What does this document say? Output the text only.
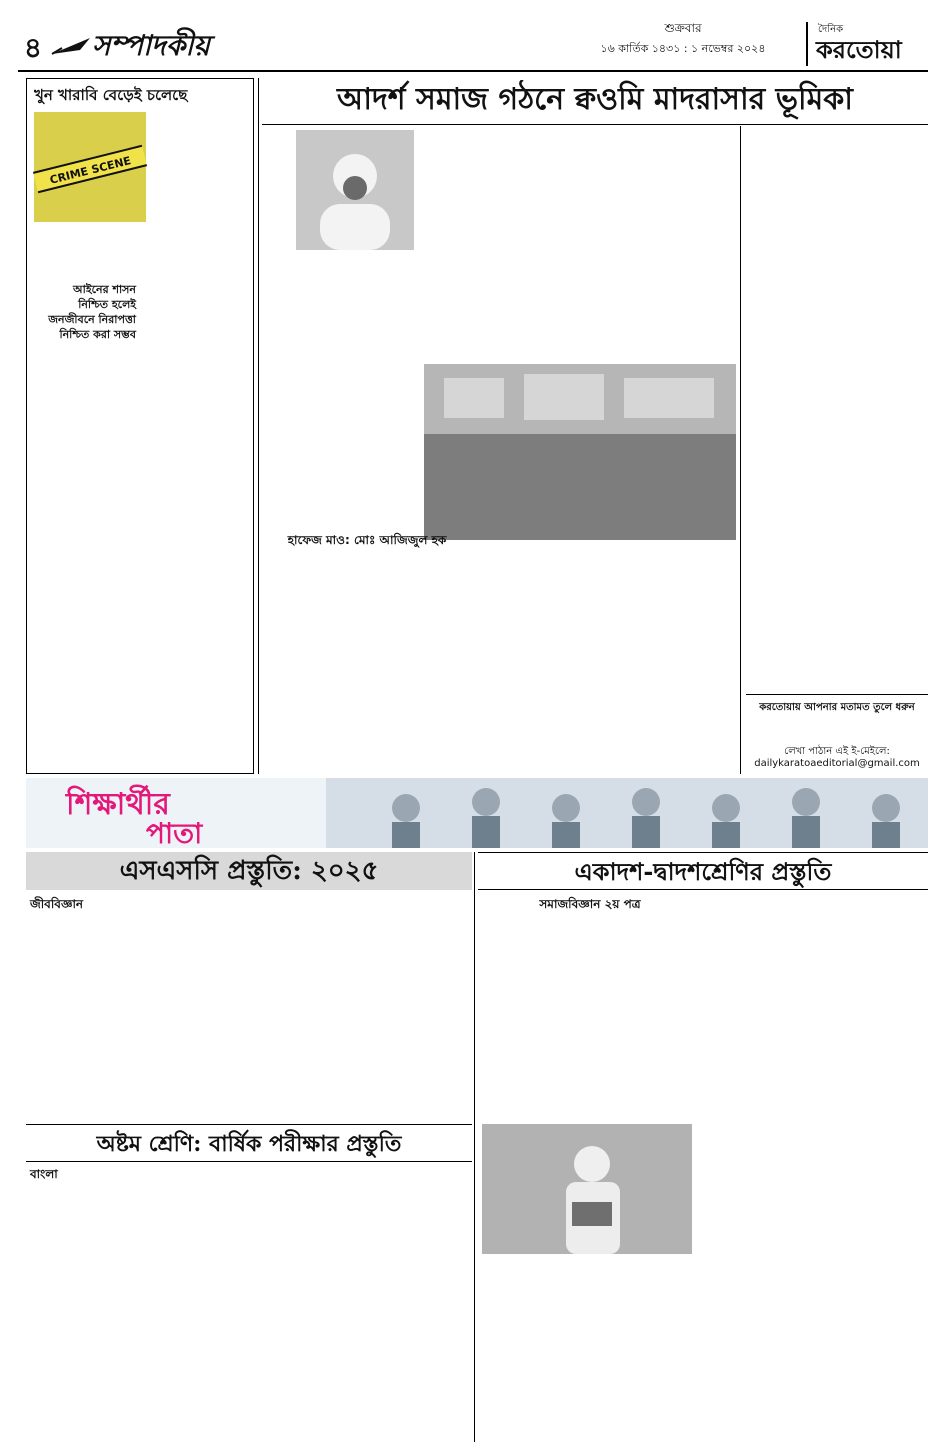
৪ সম্পাদকীয়
শুক্রবার
১৬ কার্তিক ১৪৩১ : ১ নভেম্বর ২০২৪
দৈনিক
করতোয়া
খুন খারাবি বেড়েই চলেছে
CRIME SCENE
আইনের শাসন নিশ্চিত হলেই জনজীবনে নিরাপত্তা নিশ্চিত করা সম্ভব
আদর্শ সমাজ গঠনে ক্বওমি মাদরাসার ভূমিকা
হাফেজ মাও: মোঃ আজিজুল হক
করতোয়ায় আপনার মতামত তুলে ধরুন
লেখা পাঠান এই ই-মেইলে:
dailykaratoaeditorial@gmail.com
শিক্ষার্থীর
পাতা
এসএসসি প্রস্তুতি: ২০২৫
জীববিজ্ঞান
অষ্টম শ্রেণি: বার্ষিক পরীক্ষার প্রস্তুতি
বাংলা
একাদশ-দ্বাদশশ্রেণির প্রস্তুতি
সমাজবিজ্ঞান ২য় পত্র
